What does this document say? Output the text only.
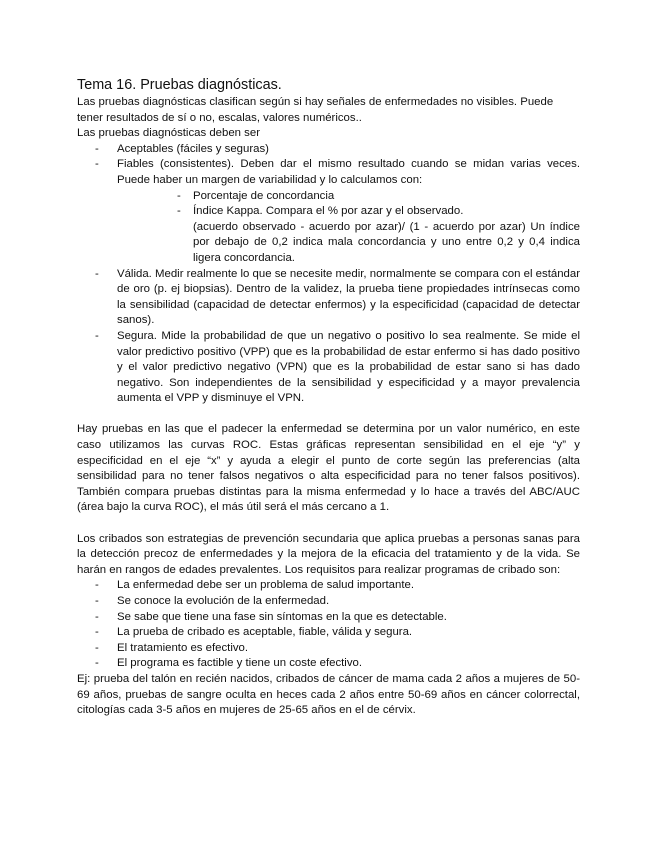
Tema 16. Pruebas diagnósticas.

Las pruebas diagnósticas clasifican según si hay señales de enfermedades no visibles. Puede tener resultados de sí o no, escalas, valores numéricos..

Las pruebas diagnósticas deben ser

- Aceptables (fáciles y seguras)
- Fiables (consistentes). Deben dar el mismo resultado cuando se midan varias veces. Puede haber un margen de variabilidad y lo calculamos con:
- Porcentaje de concordancia
- Índice Kappa. Compara el % por azar y el observado.
(acuerdo observado - acuerdo por azar)/ (1 - acuerdo por azar) Un índice por debajo de 0,2 indica mala concordancia y uno entre 0,2 y 0,4 indica ligera concordancia.
- Válida. Medir realmente lo que se necesite medir, normalmente se compara con el estándar de oro (p. ej biopsias). Dentro de la validez, la prueba tiene propiedades intrínsecas como la sensibilidad (capacidad de detectar enfermos) y la especificidad (capacidad de detectar sanos).
- Segura. Mide la probabilidad de que un negativo o positivo lo sea realmente. Se mide el valor predictivo positivo (VPP) que es la probabilidad de estar enfermo si has dado positivo y el valor predictivo negativo (VPN) que es la probabilidad de estar sano si has dado negativo. Son independientes de la sensibilidad y especificidad y a mayor prevalencia aumenta el VPP y disminuye el VPN.

Hay pruebas en las que el padecer la enfermedad se determina por un valor numérico, en este caso utilizamos las curvas ROC. Estas gráficas representan sensibilidad en el eje “y” y especificidad en el eje “x” y ayuda a elegir el punto de corte según las preferencias (alta sensibilidad para no tener falsos negativos o alta especificidad para no tener falsos positivos). También compara pruebas distintas para la misma enfermedad y lo hace a través del ABC/AUC (área bajo la curva ROC), el más útil será el más cercano a 1.

Los cribados son estrategias de prevención secundaria que aplica pruebas a personas sanas para la detección precoz de enfermedades y la mejora de la eficacia del tratamiento y de la vida. Se harán en rangos de edades prevalentes. Los requisitos para realizar programas de cribado son:

- La enfermedad debe ser un problema de salud importante.
- Se conoce la evolución de la enfermedad.
- Se sabe que tiene una fase sin síntomas en la que es detectable.
- La prueba de cribado es aceptable, fiable, válida y segura.
- El tratamiento es efectivo.
- El programa es factible y tiene un coste efectivo.

Ej: prueba del talón en recién nacidos, cribados de cáncer de mama cada 2 años a mujeres de 50-69 años, pruebas de sangre oculta en heces cada 2 años entre 50-69 años en cáncer colorrectal, citologías cada 3-5 años en mujeres de 25-65 años en el de cérvix.
